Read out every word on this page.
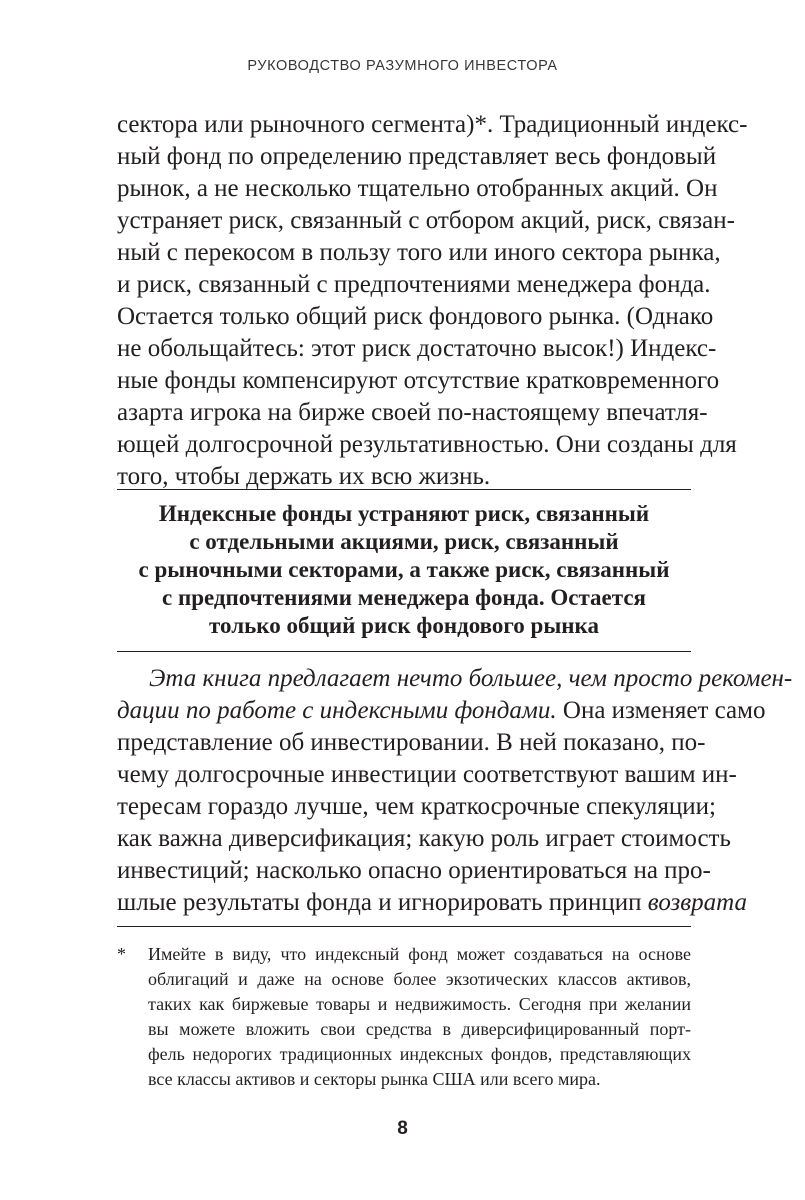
РУКОВОДСТВО РАЗУМНОГО ИНВЕСТОРА
сектора или рыночного сегмента)*. Традиционный индекс-
ный фонд по определению представляет весь фондовый
рынок, а не несколько тщательно отобранных акций. Он
устраняет риск, связанный с отбором акций, риск, связан-
ный с перекосом в пользу того или иного сектора рынка,
и риск, связанный с предпочтениями менеджера фонда.
Остается только общий риск фондового рынка. (Однако
не обольщайтесь: этот риск достаточно высок!) Индекс-
ные фонды компенсируют отсутствие кратковременного
азарта игрока на бирже своей по-настоящему впечатля-
ющей долгосрочной результативностью. Они созданы для
того, чтобы держать их всю жизнь.
Индексные фонды устраняют риск, связанный
с отдельными акциями, риск, связанный
с рыночными секторами, а также риск, связанный
с предпочтениями менеджера фонда. Остается
только общий риск фондового рынка
Эта книга предлагает нечто большее, чем просто рекомен-
дации по работе с индексными фондами. Она изменяет само
представление об инвестировании. В ней показано, по-
чему долгосрочные инвестиции соответствуют вашим ин-
тересам гораздо лучше, чем краткосрочные спекуляции;
как важна диверсификация; какую роль играет стоимость
инвестиций; насколько опасно ориентироваться на про-
шлые результаты фонда и игнорировать принцип возврата
* Имейте в виду, что индексный фонд может создаваться на основе
облигаций и даже на основе более экзотических классов активов,
таких как биржевые товары и недвижимость. Сегодня при желании
вы можете вложить свои средства в диверсифицированный порт-
фель недорогих традиционных индексных фондов, представляющих
все классы активов и секторы рынка США или всего мира.
8
